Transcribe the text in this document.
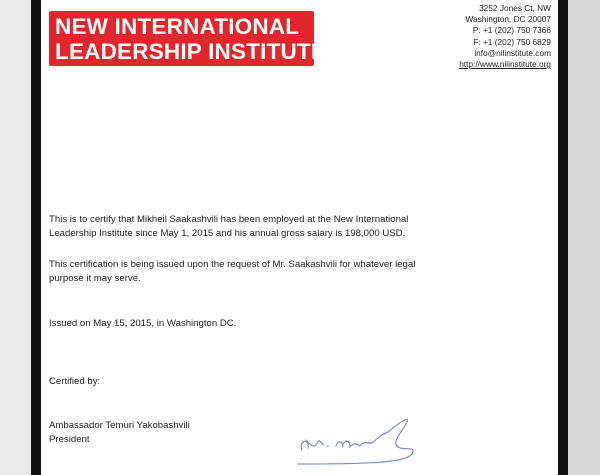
NEW INTERNATIONAL
LEADERSHIP INSTITUTE
3252 Jones Ct, NW
Washington, DC 20007
P: +1 (202) 750 7366
F: +1 (202) 750 6829
info@nilinstitute.com
http://www.nilinstitute.org
This is to certify that Mikheil Saakashvili has been employed at the New International
Leadership Institute since May 1, 2015 and his annual gross salary is 198,000 USD.
This certification is being issued upon the request of Mr. Saakashvili for whatever legal
purpose it may serve.
Issued on May 15, 2015, in Washington DC.
Certified by:
Ambassador Temuri Yakobashvili
President
